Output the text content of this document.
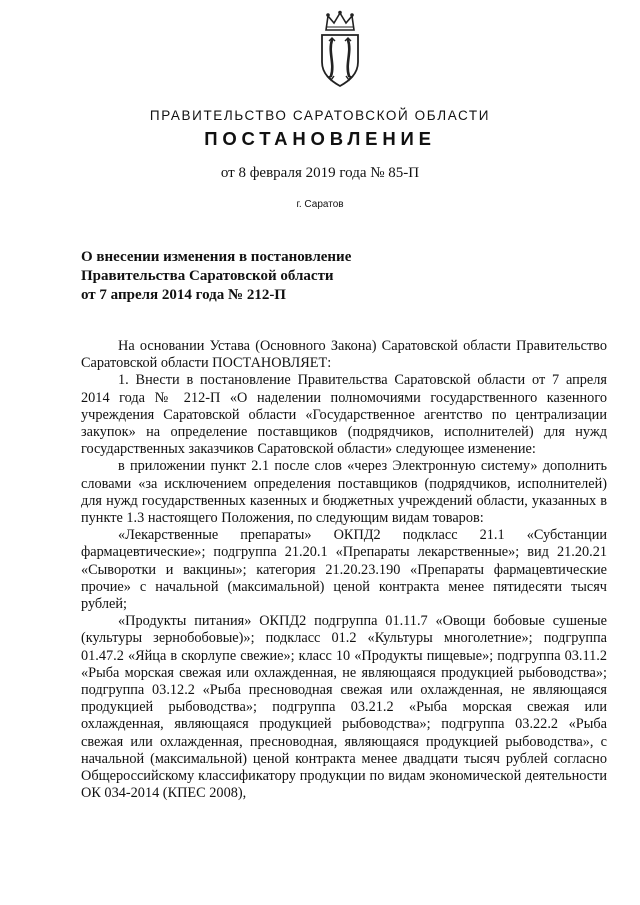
ПРАВИТЕЛЬСТВО САРАТОВСКОЙ ОБЛАСТИ
ПОСТАНОВЛЕНИЕ
от 8 февраля 2019 года № 85-П
г. Саратов
О внесении изменения в постановление
Правительства Саратовской области
от 7 апреля 2014 года № 212-П

На основании Устава (Основного Закона) Саратовской области Правительство Саратовской области ПОСТАНОВЛЯЕТ:

1. Внести в постановление Правительства Саратовской области от 7 апреля 2014 года № 212-П «О наделении полномочиями государственного казенного учреждения Саратовской области «Государственное агентство по централизации закупок» на определение поставщиков (подрядчиков, исполнителей) для нужд государственных заказчиков Саратовской области» следующее изменение:

в приложении пункт 2.1 после слов «через Электронную систему» дополнить словами «за исключением определения поставщиков (подрядчиков, исполнителей) для нужд государственных казенных и бюджетных учреждений области, указанных в пункте 1.3 настоящего Положения, по следующим видам товаров:

«Лекарственные препараты» ОКПД2 подкласс 21.1 «Субстанции фармацевтические»; подгруппа 21.20.1 «Препараты лекарственные»; вид 21.20.21 «Сыворотки и вакцины»; категория 21.20.23.190 «Препараты фармацевтические прочие» с начальной (максимальной) ценой контракта менее пятидесяти тысяч рублей;

«Продукты питания» ОКПД2 подгруппа 01.11.7 «Овощи бобовые сушеные (культуры зернобобовые)»; подкласс 01.2 «Культуры многолетние»; подгруппа 01.47.2 «Яйца в скорлупе свежие»; класс 10 «Продукты пищевые»; подгруппа 03.11.2 «Рыба морская свежая или охлажденная, не являющаяся продукцией рыбоводства»; подгруппа 03.12.2 «Рыба пресноводная свежая или охлажденная, не являющаяся продукцией рыбоводства»; подгруппа 03.21.2 «Рыба морская свежая или охлажденная, являющаяся продукцией рыбоводства»; подгруппа 03.22.2 «Рыба свежая или охлажденная, пресноводная, являющаяся продукцией рыбоводства», с начальной (максимальной) ценой контракта менее двадцати тысяч рублей согласно Общероссийскому классификатору продукции по видам экономической деятельности ОК 034-2014 (КПЕС 2008),
